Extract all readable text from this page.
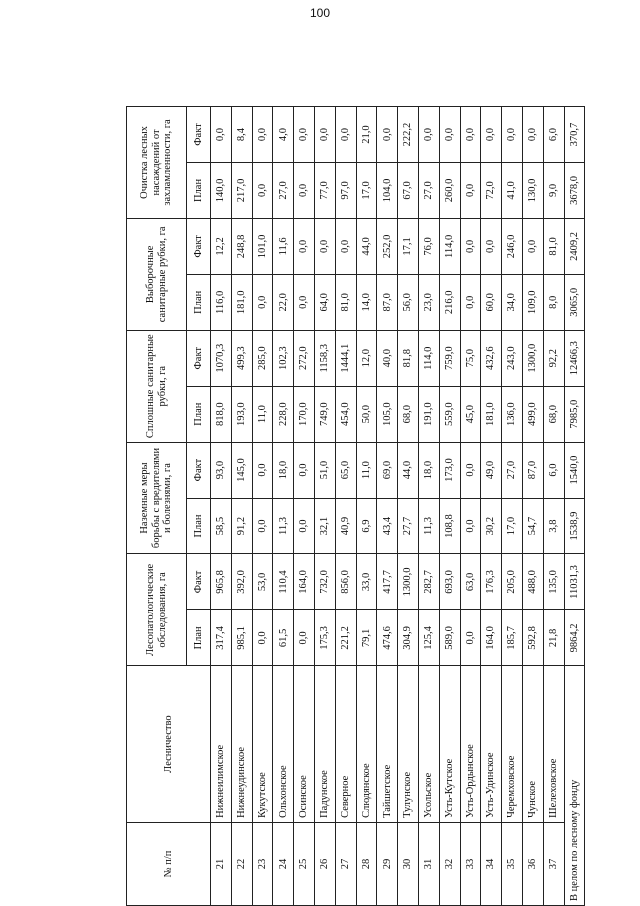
100
№ п/п	Лесничество	Лесопатологические обследования, га		Наземные меры борьбы с вредителями и болезнями, га		Сплошные санитарные рубки, га		Выборочные санитарные рубки, га		Очистка лесных насаждений от захламленности, га	
		План	Факт	План	Факт	План	Факт	План	Факт	План	Факт
21	Нижнеилимское	317,4	965,8	58,5	93,0	818,0	1070,3	116,0	12,2	140,0	0,0
22	Нижнеудинское	985,1	392,0	91,2	145,0	193,0	499,3	181,0	248,8	217,0	8,4
23	Кукутское	0,0	53,0	0,0	0,0	11,0	285,0	0,0	101,0	0,0	0,0
24	Ольхонское	61,5	110,4	11,3	18,0	228,0	102,3	22,0	11,6	27,0	4,0
25	Осинское	0,0	164,0	0,0	0,0	170,0	272,0	0,0	0,0	0,0	0,0
26	Падунское	175,3	732,0	32,1	51,0	749,0	1158,3	64,0	0,0	77,0	0,0
27	Северное	221,2	856,0	40,9	65,0	454,0	1444,1	81,0	0,0	97,0	0,0
28	Слюдянское	79,1	33,0	6,9	11,0	50,0	12,0	14,0	44,0	17,0	21,0
29	Тайшетское	474,6	417,7	43,4	69,0	105,0	40,0	87,0	252,0	104,0	0,0
30	Тулунское	304,9	1300,0	27,7	44,0	68,0	81,8	56,0	17,1	67,0	222,2
31	Усольское	125,4	282,7	11,3	18,0	191,0	114,0	23,0	76,0	27,0	0,0
32	Усть-Кутское	589,0	693,0	108,8	173,0	559,0	759,0	216,0	114,0	260,0	0,0
33	Усть-Ордынское	0,0	63,0	0,0	0,0	45,0	75,0	0,0	0,0	0,0	0,0
34	Усть-Удинское	164,0	176,3	30,2	49,0	181,0	432,6	60,0	0,0	72,0	0,0
35	Черемховское	185,7	205,0	17,0	27,0	136,0	243,0	34,0	246,0	41,0	0,0
36	Чунское	592,8	488,0	54,7	87,0	499,0	1300,0	109,0	0,0	130,0	0,0
37	Шелеховское	21,8	135,0	3,8	6,0	68,0	92,2	8,0	81,0	9,0	6,0
В целом по лесному фонду		9864,2	11031,3	1538,9	1540,0	7985,0	12466,3	3065,0	2409,2	3678,0	370,7
